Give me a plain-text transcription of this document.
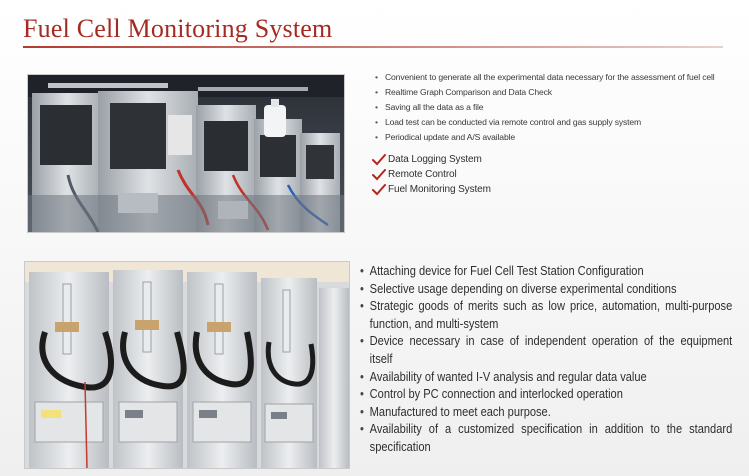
Fuel Cell Monitoring System
• Convenient to generate all the experimental data necessary for the assessment of fuel cell
• Realtime Graph Comparison and Data Check
• Saving all the data as a file
• Load test can be conducted via remote control and gas supply system
• Periodical update and A/S available
Data Logging System
Remote Control
Fuel Monitoring System
• Attaching device for Fuel Cell Test Station Configuration
• Selective usage depending on diverse experimental conditions
• Strategic goods of merits such as low price, automation, multi-purpose function, and multi-system
• Device necessary in case of independent operation of the equipment itself
• Availability of wanted I-V analysis and regular data value
• Control by PC connection and interlocked operation
• Manufactured to meet each purpose.
• Availability of a customized specification in addition to the standard specification
